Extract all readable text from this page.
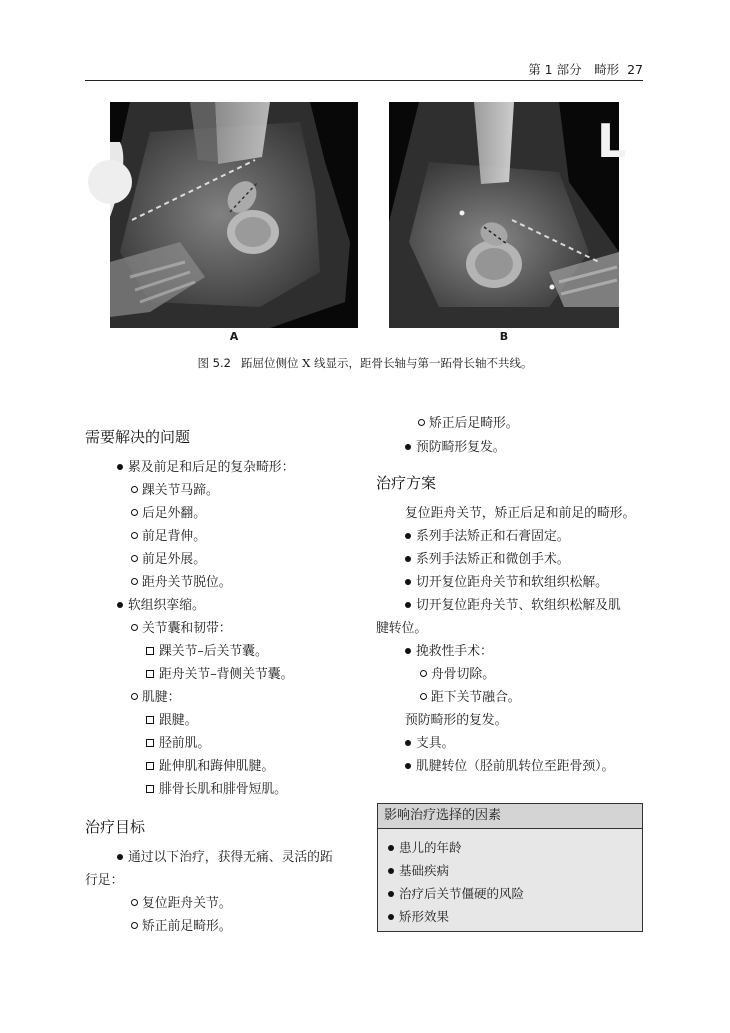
第 1 部分　畸形 27
A
L
B
图 5.2 跖屈位侧位 X 线显示，距骨长轴与第一跖骨长轴不共线。
需要解决的问题
累及前足和后足的复杂畸形：
踝关节马蹄。
后足外翻。
前足背伸。
前足外展。
距舟关节脱位。
软组织挛缩。
关节囊和韧带：
踝关节–后关节囊。
距舟关节–背侧关节囊。
肌腱：
跟腱。
胫前肌。
趾伸肌和踇伸肌腱。
腓骨长肌和腓骨短肌。
治疗目标
通过以下治疗，获得无痛、灵活的跖
行足：
复位距舟关节。
矫正前足畸形。
矫正后足畸形。
预防畸形复发。
治疗方案
复位距舟关节，矫正后足和前足的畸形。
系列手法矫正和石膏固定。
系列手法矫正和微创手术。
切开复位距舟关节和软组织松解。
切开复位距舟关节、软组织松解及肌
腱转位。
挽救性手术：
舟骨切除。
距下关节融合。
预防畸形的复发。
支具。
肌腱转位（胫前肌转位至距骨颈）。
影响治疗选择的因素
患儿的年龄
基础疾病
治疗后关节僵硬的风险
矫形效果
